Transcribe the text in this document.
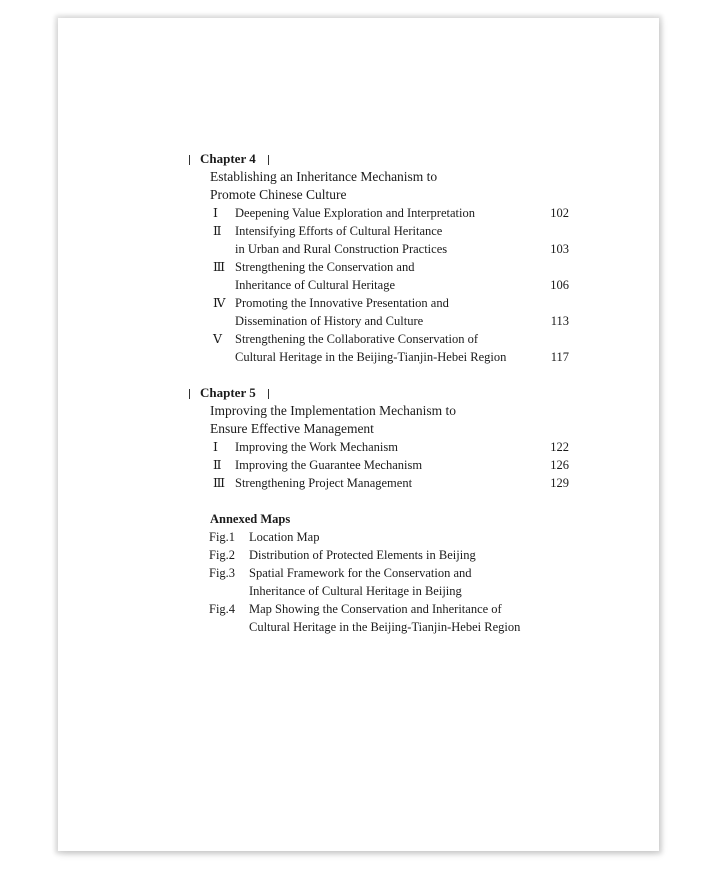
Chapter 4
Establishing an Inheritance Mechanism to
Promote Chinese Culture
Ⅰ Deepening Value Exploration and Interpretation	102
Ⅱ Intensifying Efforts of Cultural Heritance
in Urban and Rural Construction Practices	103
Ⅲ Strengthening the Conservation and
Inheritance of Cultural Heritage	106
Ⅳ Promoting the Innovative Presentation and
Dissemination of History and Culture	113
Ⅴ Strengthening the Collaborative Conservation of
Cultural Heritage in the Beijing-Tianjin-Hebei Region	117
Chapter 5
Improving the Implementation Mechanism to
Ensure Effective Management
Ⅰ Improving the Work Mechanism	122
Ⅱ Improving the Guarantee Mechanism	126
Ⅲ Strengthening Project Management	129
Annexed Maps
Fig.1 Location Map
Fig.2 Distribution of Protected Elements in Beijing
Fig.3 Spatial Framework for the Conservation and
Inheritance of Cultural Heritage in Beijing
Fig.4 Map Showing the Conservation and Inheritance of
Cultural Heritage in the Beijing-Tianjin-Hebei Region
